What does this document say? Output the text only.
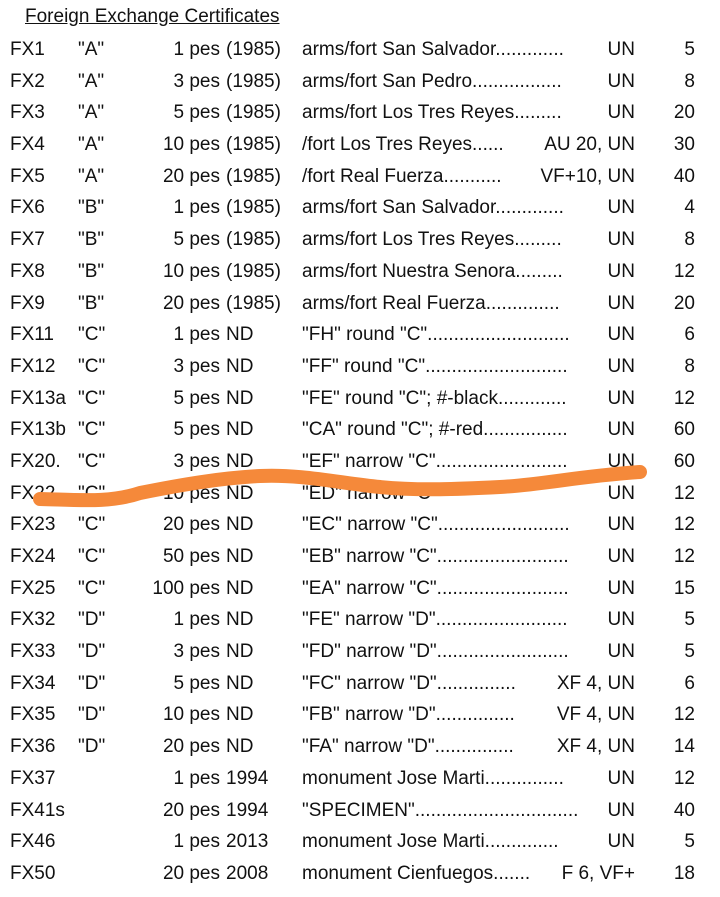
Foreign Exchange Certificates
FX1 "A"	1 pes (1985) arms/fort San Salvador.............	UN	5
FX2 "A"	3 pes (1985) arms/fort San Pedro.................	UN	8
FX3 "A"	5 pes (1985) arms/fort Los Tres Reyes.........	UN	20
FX4 "A"	10 pes (1985) /fort Los Tres Reyes......	AU 20, UN	30
FX5 "A"	20 pes (1985) /fort Real Fuerza...........	VF+10, UN	40
FX6 "B"	1 pes (1985) arms/fort San Salvador.............	UN	4
FX7 "B"	5 pes (1985) arms/fort Los Tres Reyes.........	UN	8
FX8 "B"	10 pes (1985) arms/fort Nuestra Senora.........	UN	12
FX9 "B"	20 pes (1985) arms/fort Real Fuerza..............	UN	20
FX11 "C"	1 pes ND	"FH" round "C"...........................	UN	6
FX12 "C"	3 pes ND	"FF" round "C"...........................	UN	8
FX13a "C"	5 pes ND	"FE" round "C"; #-black.............	UN	12
FX13b "C"	5 pes ND	"CA" round "C"; #-red................	UN	60
FX20. "C"	3 pes ND	"EF" narrow "C".........................	UN	60
FX22 "C"	10 pes ND	"ED" narrow "C"	UN	12
FX23 "C"	20 pes ND	"EC" narrow "C".........................	UN	12
FX24 "C"	50 pes ND	"EB" narrow "C".........................	UN	12
FX25 "C"	100 pes ND	"EA" narrow "C".........................	UN	15
FX32 "D"	1 pes ND	"FE" narrow "D".........................	UN	5
FX33 "D"	3 pes ND	"FD" narrow "D".........................	UN	5
FX34 "D"	5 pes ND	"FC" narrow "D"...............	XF 4, UN	6
FX35 "D"	10 pes ND	"FB" narrow "D"...............	VF 4, UN	12
FX36 "D"	20 pes ND	"FA" narrow "D"...............	XF 4, UN	14
FX37	1 pes 1994 monument Jose Marti...............	UN	12
FX41s	20 pes 1994 "SPECIMEN"...............................	UN	40
FX46	1 pes 2013 monument Jose Marti..............	UN	5
FX50	20 pes 2008 monument Cienfuegos.......	F 6, VF+	18
